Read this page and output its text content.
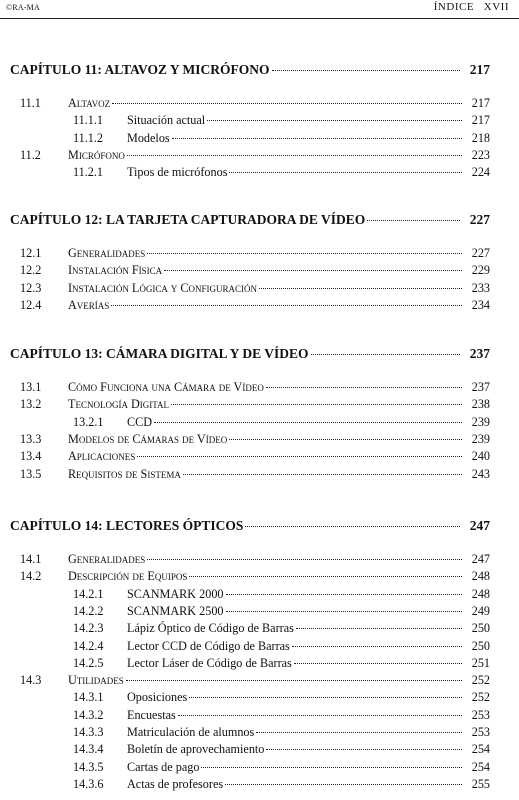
©RA-MA	ÍNDICE   XVII
CAPÍTULO 11: ALTAVOZ Y MICRÓFONO	217
11.1	Altavoz	217
11.1.1	Situación actual	217
11.1.2	Modelos	218
11.2	Micrófono	223
11.2.1	Tipos de micrófonos	224
CAPÍTULO 12: LA TARJETA CAPTURADORA DE VÍDEO	227
12.1	Generalidades	227
12.2	Instalación Física	229
12.3	Instalación Lógica y Configuración	233
12.4	Averías	234
CAPÍTULO 13: CÁMARA DIGITAL Y DE VÍDEO	237
13.1	Cómo Funciona una Cámara de Vídeo	237
13.2	Tecnología Digital	238
13.2.1	CCD	239
13.3	Modelos de Cámaras de Vídeo	239
13.4	Aplicaciones	240
13.5	Requisitos de Sistema	243
CAPÍTULO 14: LECTORES ÓPTICOS	247
14.1	Generalidades	247
14.2	Descripción de Equipos	248
14.2.1	SCANMARK 2000	248
14.2.2	SCANMARK 2500	249
14.2.3	Lápiz Óptico de Código de Barras	250
14.2.4	Lector CCD de Código de Barras	250
14.2.5	Lector Láser de Código de Barras	251
14.3	Utilidades	252
14.3.1	Oposiciones	252
14.3.2	Encuestas	253
14.3.3	Matriculación de alumnos	253
14.3.4	Boletín de aprovechamiento	254
14.3.5	Cartas de pago	254
14.3.6	Actas de profesores	255
